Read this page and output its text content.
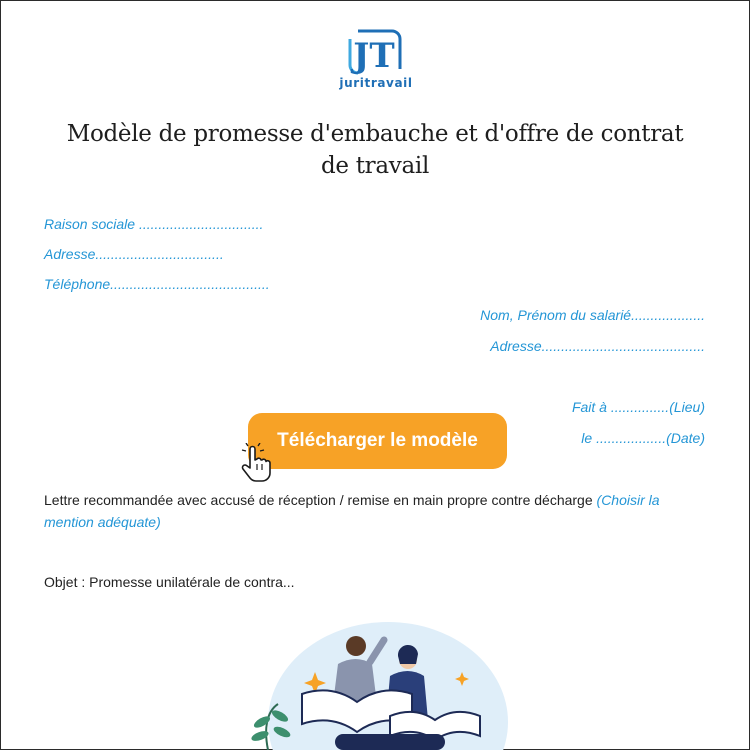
JT
juritravail
Modèle de promesse d'embauche et d'offre de contrat de travail
Raison sociale ................................
Adresse.................................
Téléphone.........................................
Nom, Prénom du salarié...................
Adresse..........................................
Fait à ...............(Lieu)
le ..................(Date)
Télécharger le modèle
Lettre recommandée avec accusé de réception / remise en main propre contre décharge (Choisir la mention adéquate)
Objet : Promesse unilatérale de contra...
